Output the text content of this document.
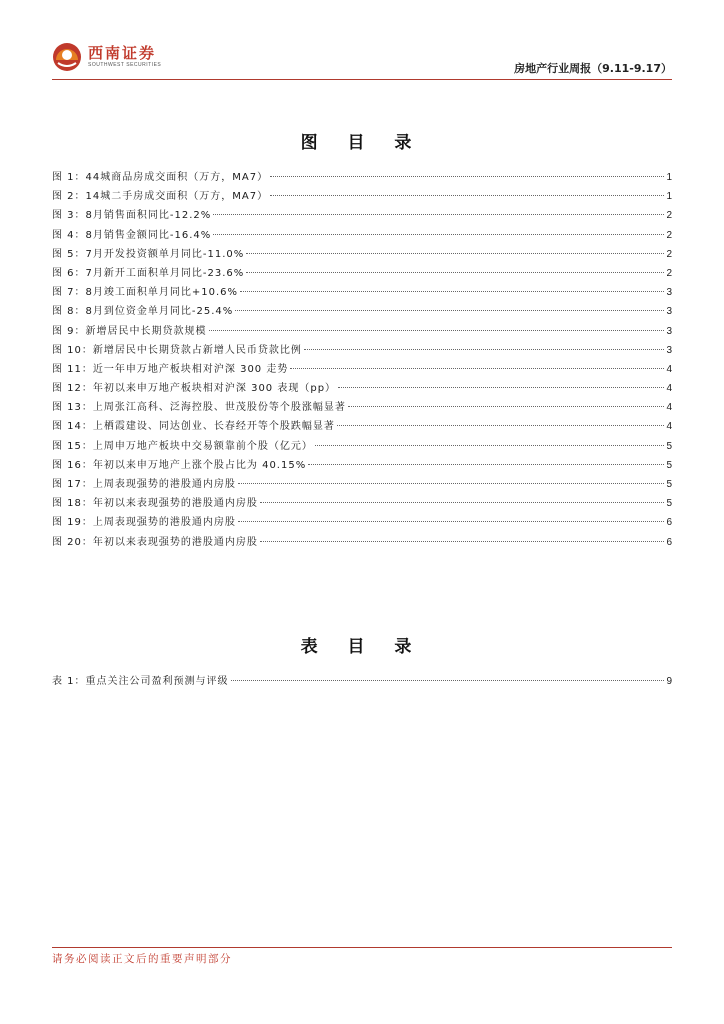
西南证券
SOUTHWEST SECURITIES	房地产行业周报（9.11-9.17）
图 目 录
图 1：44城商品房成交面积（万方，MA7）	1
图 2：14城二手房成交面积（万方，MA7）	1
图 3：8月销售面积同比-12.2%	2
图 4：8月销售金额同比-16.4%	2
图 5：7月开发投资额单月同比-11.0%	2
图 6：7月新开工面积单月同比-23.6%	2
图 7：8月竣工面积单月同比+10.6%	3
图 8：8月到位资金单月同比-25.4%	3
图 9：新增居民中长期贷款规模	3
图 10：新增居民中长期贷款占新增人民币贷款比例	3
图 11：近一年申万地产板块相对沪深 300 走势	4
图 12：年初以来申万地产板块相对沪深 300 表现（pp）	4
图 13：上周张江高科、泛海控股、世茂股份等个股涨幅显著	4
图 14：上栖霞建设、同达创业、长春经开等个股跌幅显著	4
图 15：上周申万地产板块中交易额靠前个股（亿元）	5
图 16：年初以来申万地产上涨个股占比为 40.15%	5
图 17：上周表现强势的港股通内房股	5
图 18：年初以来表现强势的港股通内房股	5
图 19：上周表现强势的港股通内房股	6
图 20：年初以来表现强势的港股通内房股	6
表 目 录
表 1：重点关注公司盈利预测与评级	9
请务必阅读正文后的重要声明部分
